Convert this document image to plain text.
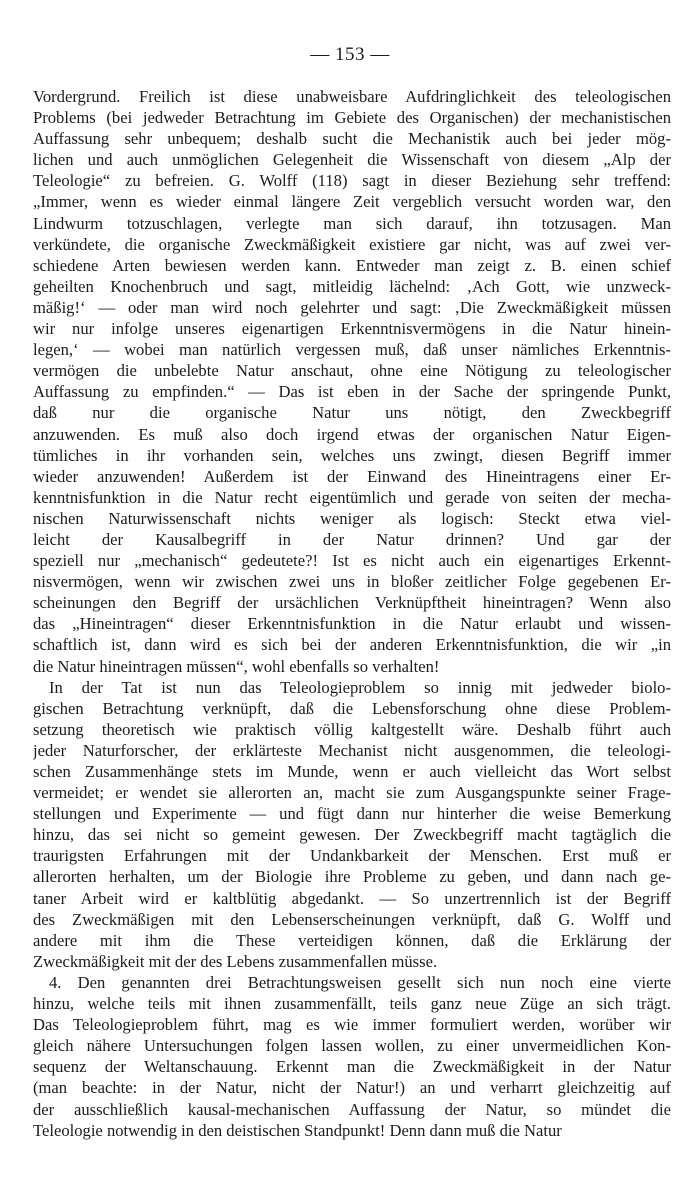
— 153 —

Vordergrund. Freilich ist diese unabweisbare Aufdringlichkeit des teleologischen
Problems (bei jedweder Betrachtung im Gebiete des Organischen) der mechanistischen
Auffassung sehr unbequem; deshalb sucht die Mechanistik auch bei jeder mög-
lichen und auch unmöglichen Gelegenheit die Wissenschaft von diesem „Alp der
Teleologie“ zu befreien. G. Wolff (118) sagt in dieser Beziehung sehr treffend:
„Immer, wenn es wieder einmal längere Zeit vergeblich versucht worden war, den
Lindwurm totzuschlagen, verlegte man sich darauf, ihn totzusagen. Man
verkündete, die organische Zweckmäßigkeit existiere gar nicht, was auf zwei ver-
schiedene Arten bewiesen werden kann. Entweder man zeigt z. B. einen schief
geheilten Knochenbruch und sagt, mitleidig lächelnd: ‚Ach Gott, wie unzweck-
mäßig!‘ — oder man wird noch gelehrter und sagt: ‚Die Zweckmäßigkeit müssen
wir nur infolge unseres eigenartigen Erkenntnisvermögens in die Natur hinein-
legen,‘ — wobei man natürlich vergessen muß, daß unser nämliches Erkenntnis-
vermögen die unbelebte Natur anschaut, ohne eine Nötigung zu teleologischer
Auffassung zu empfinden.“ — Das ist eben in der Sache der springende Punkt,
daß nur die organische Natur uns nötigt, den Zweckbegriff
anzuwenden. Es muß also doch irgend etwas der organischen Natur Eigen-
tümliches in ihr vorhanden sein, welches uns zwingt, diesen Begriff immer
wieder anzuwenden! Außerdem ist der Einwand des Hineintragens einer Er-
kenntnisfunktion in die Natur recht eigentümlich und gerade von seiten der mecha-
nischen Naturwissenschaft nichts weniger als logisch: Steckt etwa viel-
leicht der Kausalbegriff in der Natur drinnen? Und gar der
speziell nur „mechanisch“ gedeutete?! Ist es nicht auch ein eigenartiges Erkennt-
nisvermögen, wenn wir zwischen zwei uns in bloßer zeitlicher Folge gegebenen Er-
scheinungen den Begriff der ursächlichen Verknüpftheit hineintragen? Wenn also
das „Hineintragen“ dieser Erkenntnisfunktion in die Natur erlaubt und wissen-
schaftlich ist, dann wird es sich bei der anderen Erkenntnisfunktion, die wir „in
die Natur hineintragen müssen“, wohl ebenfalls so verhalten!

In der Tat ist nun das Teleologieproblem so innig mit jedweder biolo-
gischen Betrachtung verknüpft, daß die Lebensforschung ohne diese Problem-
setzung theoretisch wie praktisch völlig kaltgestellt wäre. Deshalb führt auch
jeder Naturforscher, der erklärteste Mechanist nicht ausgenommen, die teleologi-
schen Zusammenhänge stets im Munde, wenn er auch vielleicht das Wort selbst
vermeidet; er wendet sie allerorten an, macht sie zum Ausgangspunkte seiner Frage-
stellungen und Experimente — und fügt dann nur hinterher die weise Bemerkung
hinzu, das sei nicht so gemeint gewesen. Der Zweckbegriff macht tagtäglich die
traurigsten Erfahrungen mit der Undankbarkeit der Menschen. Erst muß er
allerorten herhalten, um der Biologie ihre Probleme zu geben, und dann nach ge-
taner Arbeit wird er kaltblütig abgedankt. — So unzertrennlich ist der Begriff
des Zweckmäßigen mit den Lebenserscheinungen verknüpft, daß G. Wolff und
andere mit ihm die These verteidigen können, daß die Erklärung der
Zweckmäßigkeit mit der des Lebens zusammenfallen müsse.

4. Den genannten drei Betrachtungsweisen gesellt sich nun noch eine vierte
hinzu, welche teils mit ihnen zusammenfällt, teils ganz neue Züge an sich trägt.
Das Teleologieproblem führt, mag es wie immer formuliert werden, worüber wir
gleich nähere Untersuchungen folgen lassen wollen, zu einer unvermeidlichen Kon-
sequenz der Weltanschauung. Erkennt man die Zweckmäßigkeit in der Natur
(man beachte: in der Natur, nicht der Natur!) an und verharrt gleichzeitig auf
der ausschließlich kausal-mechanischen Auffassung der Natur, so mündet die
Teleologie notwendig in den deistischen Standpunkt! Denn dann muß die Natur
